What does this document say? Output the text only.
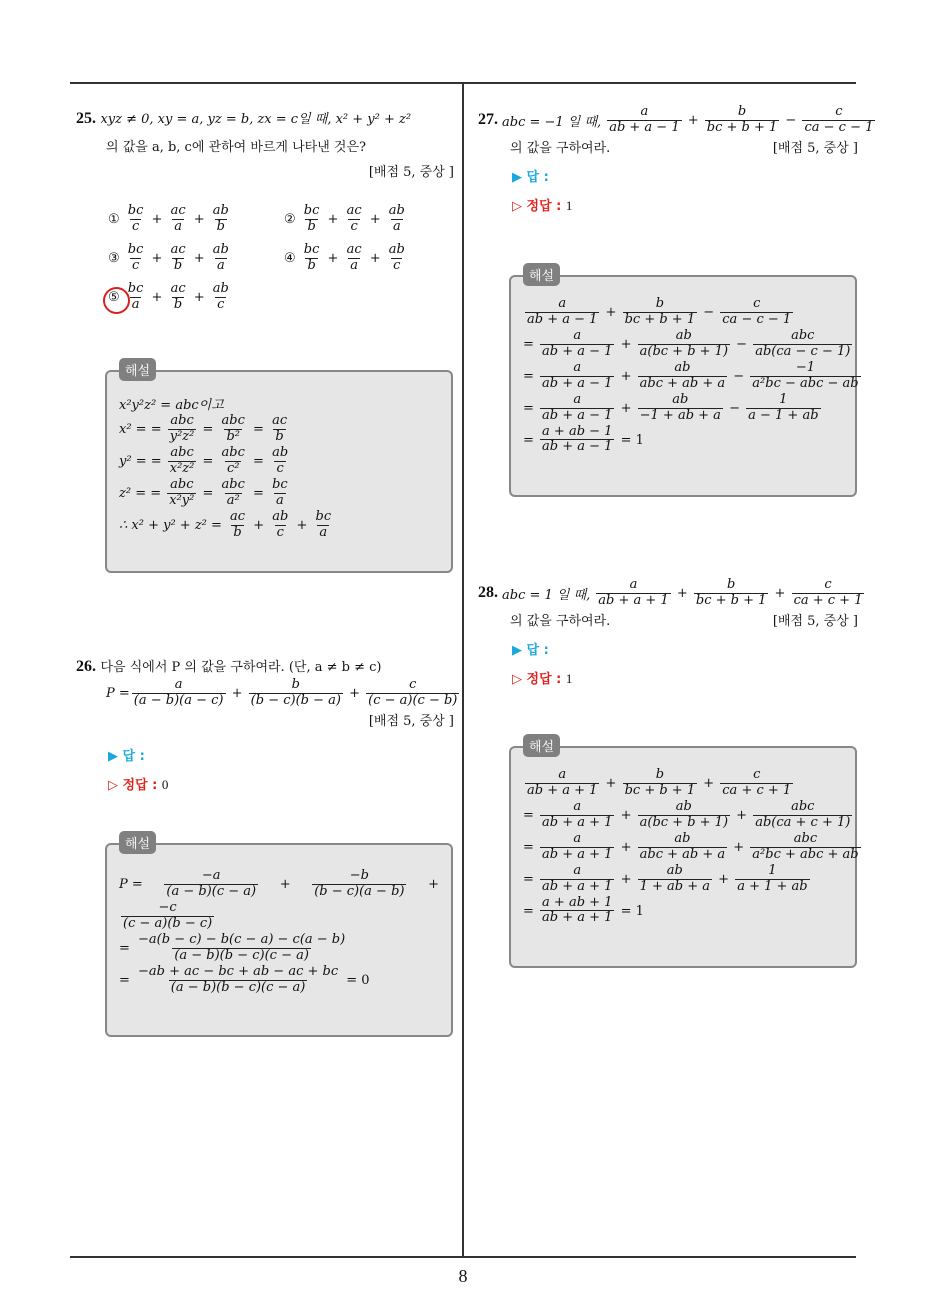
25. xyz ≠ 0, xy = a, yz = b, zx = c일 때, x² + y² + z²
의 값을 a, b, c에 관하여 바르게 나타낸 것은?
[배점 5, 중상 ]
① $\frac{bc}{c} + \frac{ac}{a} + \frac{ab}{b}$	② $\frac{bc}{b} + \frac{ac}{c} + \frac{ab}{a}$
③ $\frac{bc}{c} + \frac{ac}{b} + \frac{ab}{a}$	④ $\frac{bc}{b} + \frac{ac}{a} + \frac{ab}{c}$
⑤ $\frac{bc}{a} + \frac{ac}{b} + \frac{ab}{c}$
해설
x²y²z² = abc이고
x² = = $\frac{\text{abc}}{\text{y²z²}} = \frac{\text{abc}}{\text{b²}} = \frac{ac}{b}$
y² = = $\frac{\text{abc}}{\text{x²z²}} = \frac{\text{abc}}{\text{c²}} = \frac{ab}{c}$
z² = = $\frac{\text{abc}}{\text{x²y²}} = \frac{\text{abc}}{\text{a²}} = \frac{bc}{a}$
∴ $x^2 + y^2 + z^2 = \frac{ac}{b} + \frac{ab}{c} + \frac{bc}{a}$
26. 다음 식에서 P 의 값을 구하여라. (단, a ≠ b ≠ c)
$P = \frac{a}{(a - b)(a - c)} + \frac{b}{(b - c)(b - a)} + \frac{c}{(c - a)(c - b)}$
[배점 5, 중상 ]
▶ 답 :
▷ 정답 : 0
해설
$P = \frac{-a}{(a - b)(c - a)} + \frac{-b}{(b - c)(a - b)}$ +
$\frac{-c}{(c - a)(b - c)}$
= $\frac{-a(b - c) - b(c - a) - c(a - b)}{(a - b)(b - c)(c - a)}$
= $\frac{-ab + ac - bc + ab - ac + bc}{(a - b)(b - c)(c - a)} = 0$
27. abc = −1 일 때, $\frac{a}{ab + a - 1} + \frac{b}{bc + b + 1} - \frac{c}{ca - c - 1}$
의 값을 구하여라.	[배점 5, 중상 ]
▶ 답 :
▷ 정답 : 1
해설
$\frac{a}{ab + a - 1} + \frac{b}{bc + b + 1} - \frac{c}{ca - c - 1}$
= $\frac{a}{ab + a - 1} + \frac{ab}{a(bc + b + 1)} - \frac{\text{abc}}{ab(ca - c - 1)}$
= $\frac{a}{ab + a - 1} + \frac{ab}{\text{abc + ab + a}} - \frac{-1}{\text{a²bc − abc − ab}}$
= $\frac{a}{ab + a - 1} + \frac{ab}{-1 + ab + a} - \frac{1}{a - 1 + ab}$
= $\frac{a + ab - 1}{ab + a - 1} = 1$
28. abc = 1 일 때, $\frac{a}{ab + a + 1} + \frac{b}{bc + b + 1} + \frac{c}{ca + c + 1}$
의 값을 구하여라.	[배점 5, 중상 ]
▶ 답 :
▷ 정답 : 1
해설
$\frac{a}{ab + a + 1} + \frac{b}{bc + b + 1} + \frac{c}{ca + c + 1}$
= $\frac{a}{ab + a + 1} + \frac{ab}{a(bc + b + 1)} + \frac{\text{abc}}{ab(ca + c + 1)}$
= $\frac{a}{ab + a + 1} + \frac{ab}{\text{abc + ab + a}} + \frac{\text{abc}}{\text{a²bc + abc + ab}}$
= $\frac{a}{ab + a + 1} + \frac{ab}{1 + ab + a} + \frac{1}{a + 1 + ab}$
= $\frac{a + ab + 1}{ab + a + 1} = 1$
8
